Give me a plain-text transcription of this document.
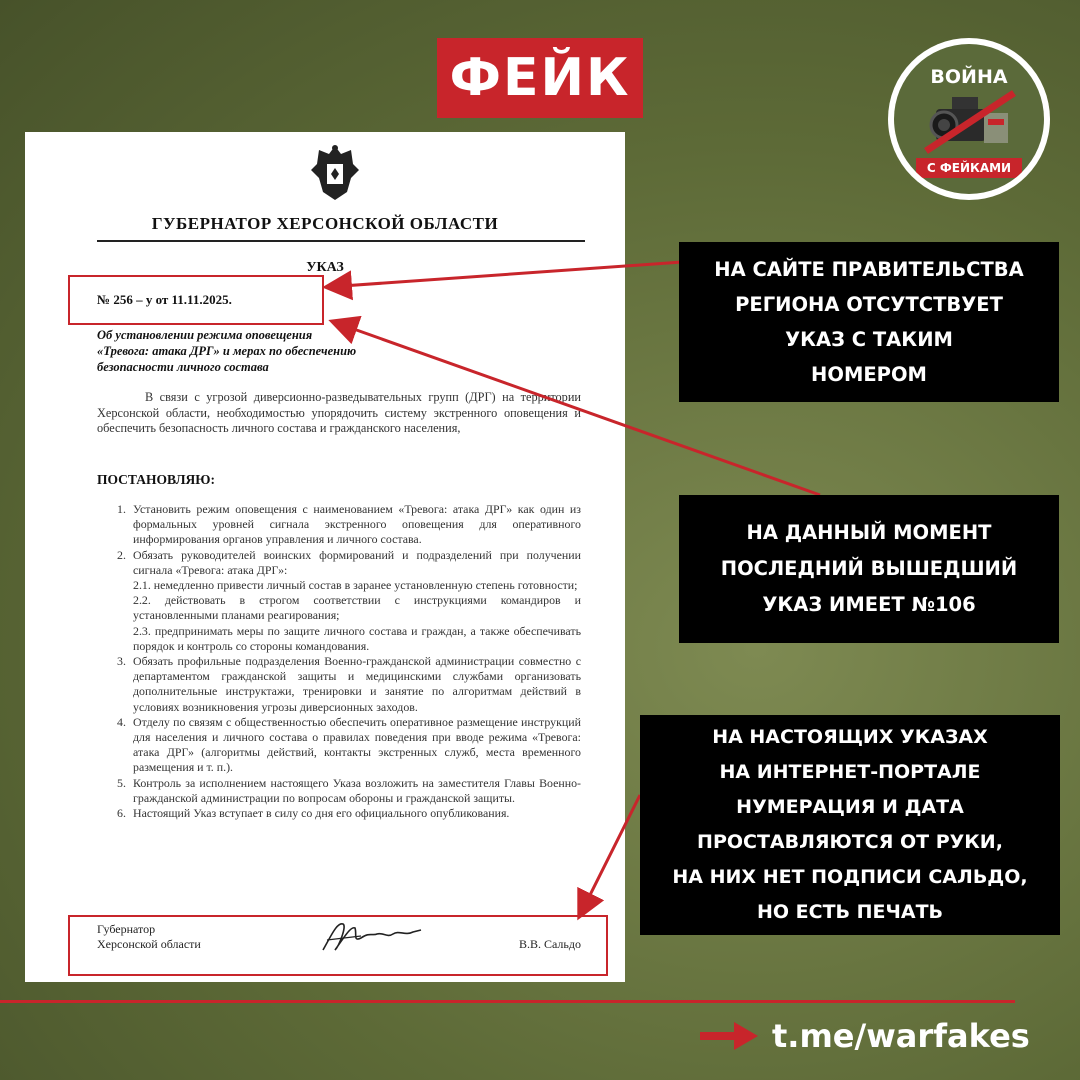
ФЕЙК	ВОЙНА
С ФЕЙКАМИ
ГУБЕРНАТОР ХЕРСОНСКОЙ ОБЛАСТИ
УКАЗ
№ 256 – у от 11.11.2025.
Об установлении режима оповещения
«Тревога: атака ДРГ» и мерах по обеспечению
безопасности личного состава
В связи с угрозой диверсионно-разведывательных групп (ДРГ) на территории Херсонской области, необходимостью упорядочить систему экстренного оповещения и обеспечить безопасность личного состава и гражданского населения,
ПОСТАНОВЛЯЮ:
1. Установить режим оповещения с наименованием «Тревога: атака ДРГ» как один из формальных уровней сигнала экстренного оповещения для оперативного информирования органов управления и личного состава.
2. Обязать руководителей воинских формирований и подразделений при получении сигнала «Тревога: атака ДРГ»:
2.1. немедленно привести личный состав в заранее установленную степень готовности;
2.2. действовать в строгом соответствии с инструкциями командиров и установленными планами реагирования;
2.3. предпринимать меры по защите личного состава и граждан, а также обеспечивать порядок и контроль со стороны командования.
3. Обязать профильные подразделения Военно-гражданской администрации совместно с департаментом гражданской защиты и медицинскими службами организовать дополнительные инструктажи, тренировки и занятие по алгоритмам действий в условиях возникновения угрозы диверсионных заходов.
4. Отделу по связям с общественностью обеспечить оперативное размещение инструкций для населения и личного состава о правилах поведения при вводе режима «Тревога: атака ДРГ» (алгоритмы действий, контакты экстренных служб, места временного размещения и т. п.).
5. Контроль за исполнением настоящего Указа возложить на заместителя Главы Военно-гражданской администрации по вопросам обороны и гражданской защиты.
6. Настоящий Указ вступает в силу со дня его официального опубликования.
Губернатор
Херсонской области	В.В. Сальдо
НА САЙТЕ ПРАВИТЕЛЬСТВА
РЕГИОНА ОТСУТСТВУЕТ
УКАЗ С ТАКИМ
НОМЕРОМ
НА ДАННЫЙ МОМЕНТ
ПОСЛЕДНИЙ ВЫШЕДШИЙ
УКАЗ ИМЕЕТ №106
НА НАСТОЯЩИХ УКАЗАХ
НА ИНТЕРНЕТ-ПОРТАЛЕ
НУМЕРАЦИЯ И ДАТА
ПРОСТАВЛЯЮТСЯ ОТ РУКИ,
НА НИХ НЕТ ПОДПИСИ САЛЬДО,
НО ЕСТЬ ПЕЧАТЬ
t.me/warfakes
